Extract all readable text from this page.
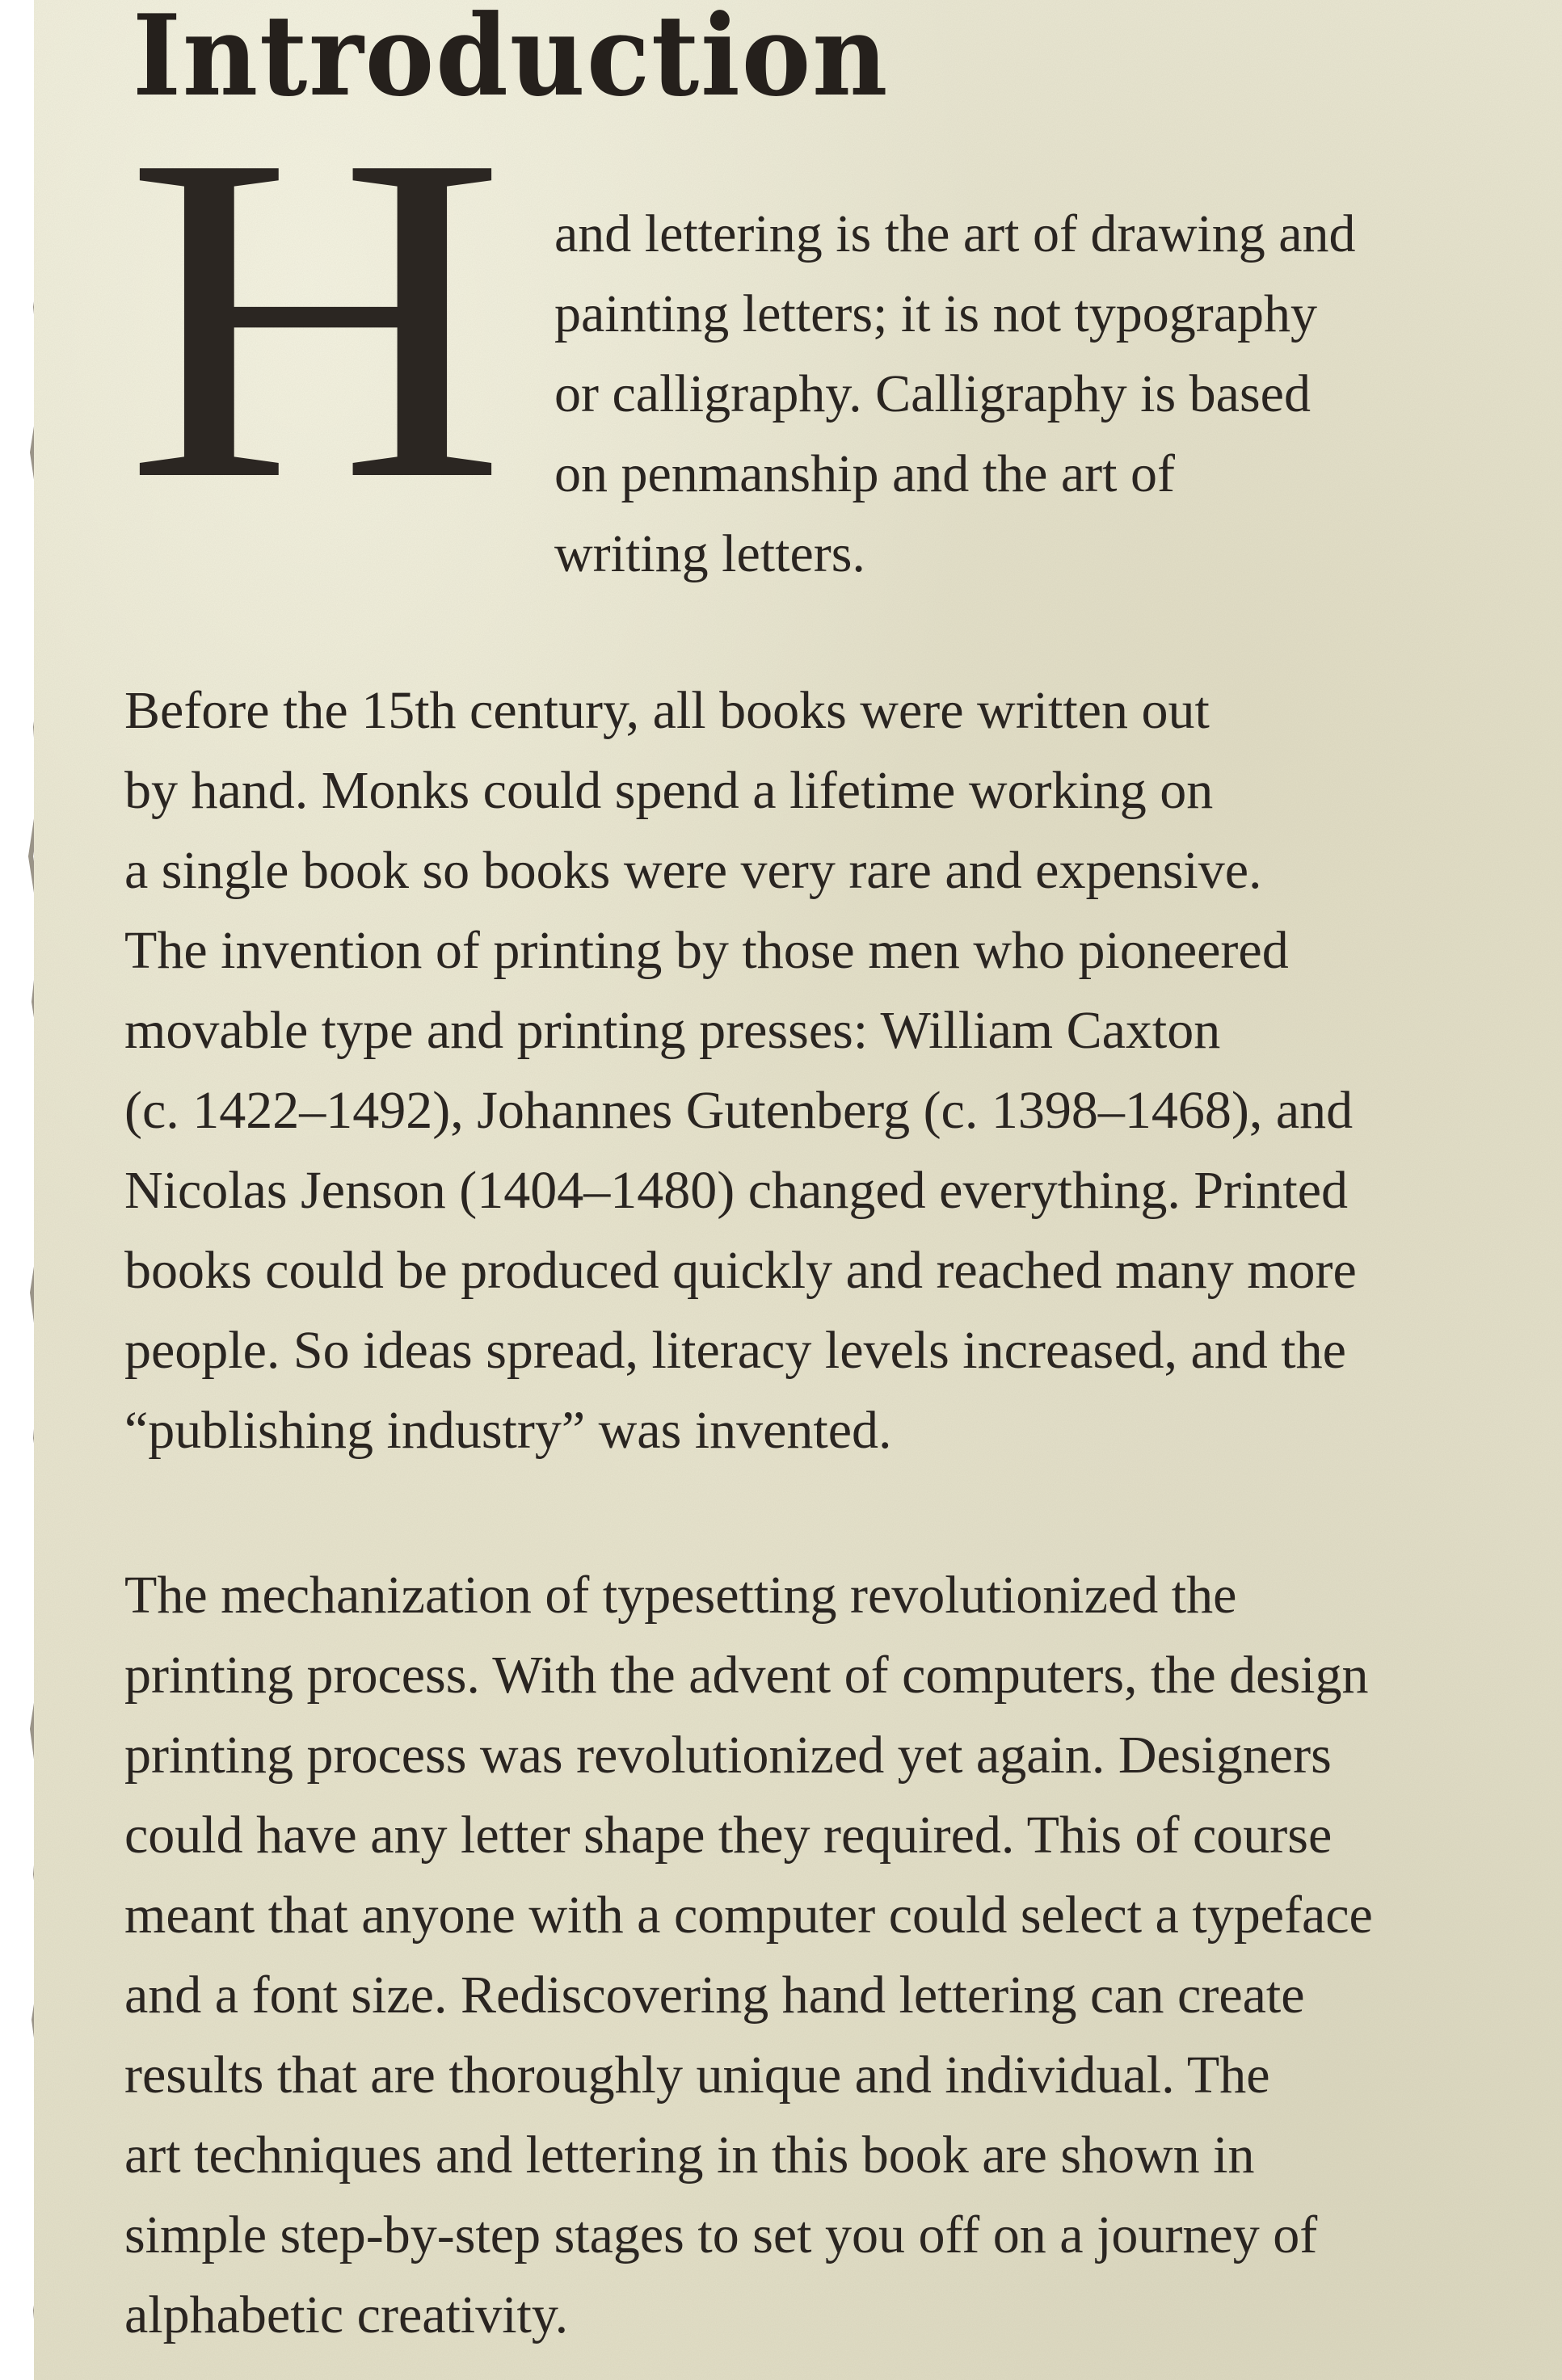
Introduction
H and lettering is the art of drawing and
painting letters; it is not typography
or calligraphy. Calligraphy is based
on penmanship and the art of
writing letters.
Before the 15th century, all books were written out
by hand. Monks could spend a lifetime working on
a single book so books were very rare and expensive.
The invention of printing by those men who pioneered
movable type and printing presses: William Caxton
(c. 1422–1492), Johannes Gutenberg (c. 1398–1468), and
Nicolas Jenson (1404–1480) changed everything. Printed
books could be produced quickly and reached many more
people. So ideas spread, literacy levels increased, and the
“publishing industry” was invented.
The mechanization of typesetting revolutionized the
printing process. With the advent of computers, the design
printing process was revolutionized yet again. Designers
could have any letter shape they required. This of course
meant that anyone with a computer could select a typeface
and a font size. Rediscovering hand lettering can create
results that are thoroughly unique and individual. The
art techniques and lettering in this book are shown in
simple step-by-step stages to set you off on a journey of
alphabetic creativity.
